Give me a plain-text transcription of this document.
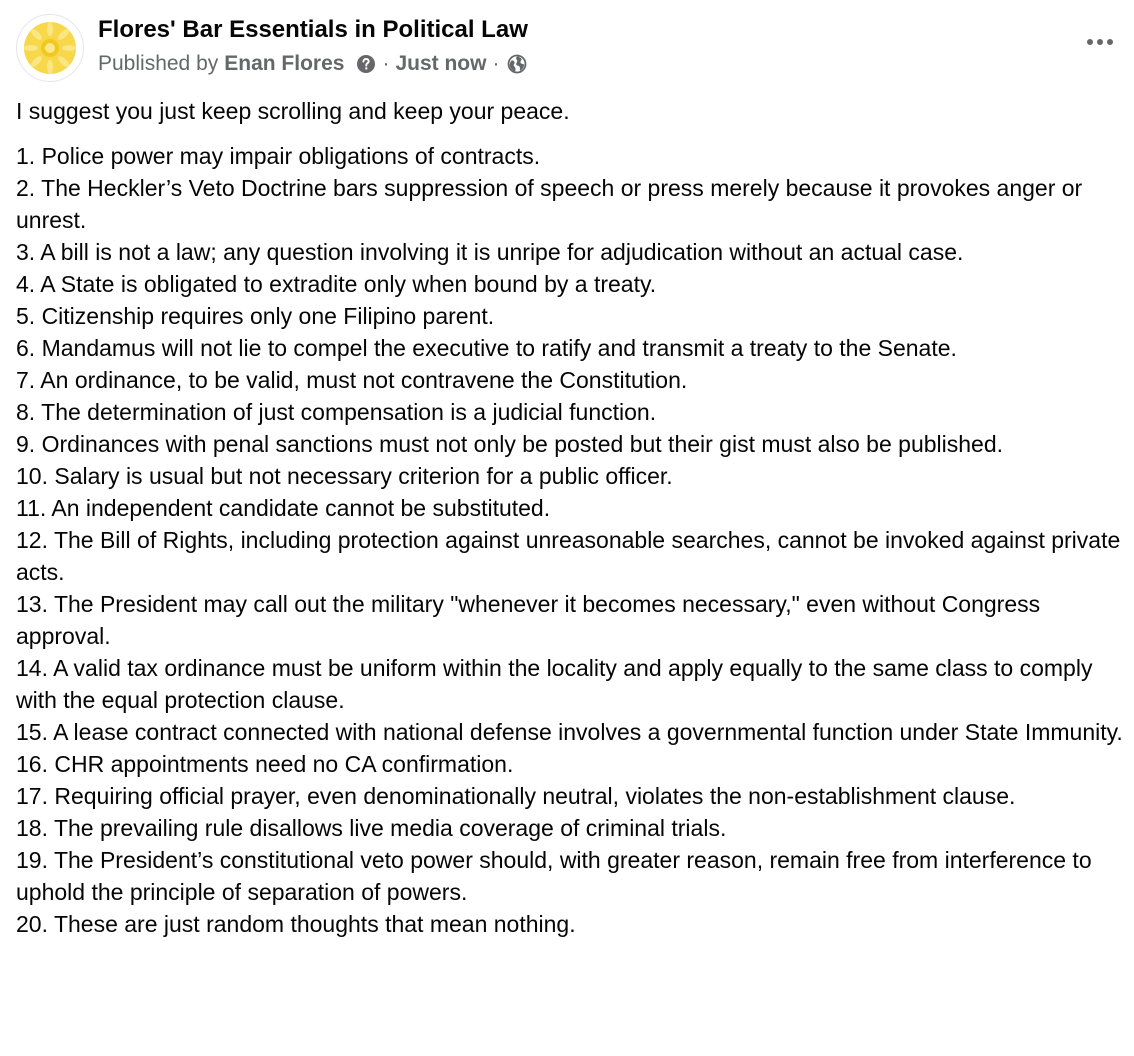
Flores' Bar Essentials in Political Law
Published by Enan Flores · Just now ·

I suggest you just keep scrolling and keep your peace.

1. Police power may impair obligations of contracts.
2. The Heckler’s Veto Doctrine bars suppression of speech or press merely because it provokes anger or unrest.
3. A bill is not a law; any question involving it is unripe for adjudication without an actual case.
4. A State is obligated to extradite only when bound by a treaty.
5. Citizenship requires only one Filipino parent.
6. Mandamus will not lie to compel the executive to ratify and transmit a treaty to the Senate.
7. An ordinance, to be valid, must not contravene the Constitution.
8. The determination of just compensation is a judicial function.
9. Ordinances with penal sanctions must not only be posted but their gist must also be published.
10. Salary is usual but not necessary criterion for a public officer.
11. An independent candidate cannot be substituted.
12. The Bill of Rights, including protection against unreasonable searches, cannot be invoked against private acts.
13. The President may call out the military "whenever it becomes necessary," even without Congress approval.
14. A valid tax ordinance must be uniform within the locality and apply equally to the same class to comply with the equal protection clause.
15. A lease contract connected with national defense involves a governmental function under State Immunity.
16. CHR appointments need no CA confirmation.
17. Requiring official prayer, even denominationally neutral, violates the non-establishment clause.
18. The prevailing rule disallows live media coverage of criminal trials.
19. The President’s constitutional veto power should, with greater reason, remain free from interference to uphold the principle of separation of powers.
20. These are just random thoughts that mean nothing.
